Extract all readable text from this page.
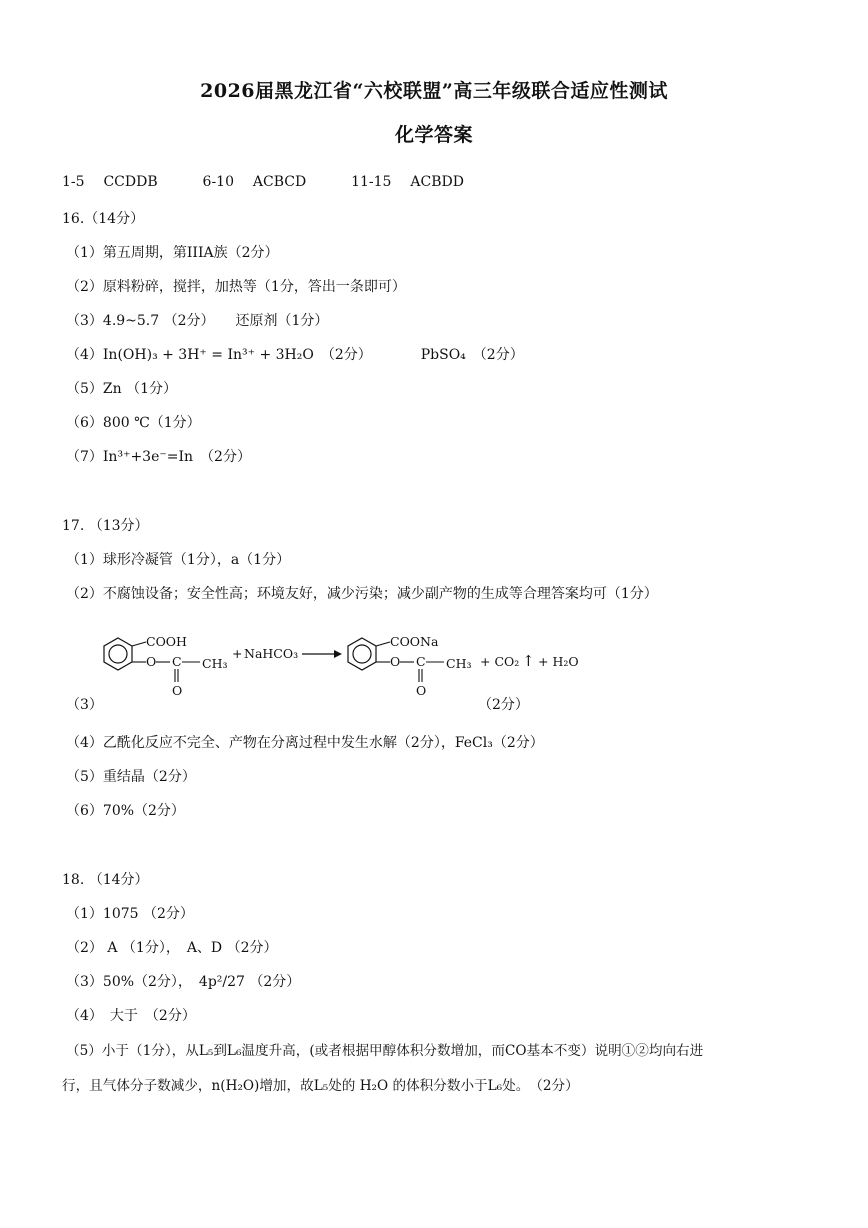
2026届黑龙江省“六校联盟”高三年级联合适应性测试
化学答案
1-5 CCDDB	6-10 ACBCD	11-15 ACBDD
16.（14分）
（1）第五周期，第IIIA族（2分）
（2）原料粉碎，搅拌，加热等（1分，答出一条即可）
（3）4.9~5.7 （2分）　　还原剂（1分）
（4）In(OH)₃ + 3H⁺ = In³⁺ + 3H₂O　（2分）　　　　PbSO₄　（2分）
（5）Zn （1分）
（6）800 ℃（1分）
（7）In³⁺+3e⁻=In　（2分）
17. （13分）
（1）球形冷凝管（1分），a（1分）
（2）不腐蚀设备；安全性高；环境友好，减少污染；减少副产物的生成等合理答案均可（1分）
COOH
O C CH₃
O
+ NaHCO₃
COONa
O C CH₃
O
+ CO₂ ↑ + H₂O
（3）	（2分）
（4）乙酰化反应不完全、产物在分离过程中发生水解（2分），FeCl₃（2分）
（5）重结晶（2分）
（6）70%（2分）
18. （14分）
（1）1075 （2分）
（2） A （1分），　A、D （2分）
（3）50%（2分），　4p²/27 （2分）
（4）　大于　（2分）
（5）小于（1分），从L₅到L₆温度升高，(或者根据甲醇体积分数增加，而CO基本不变）说明①②均向右进
行，且气体分子数减少，n(H₂O)增加，故L₅处的 H₂O 的体积分数小于L₆处。　（2分）
